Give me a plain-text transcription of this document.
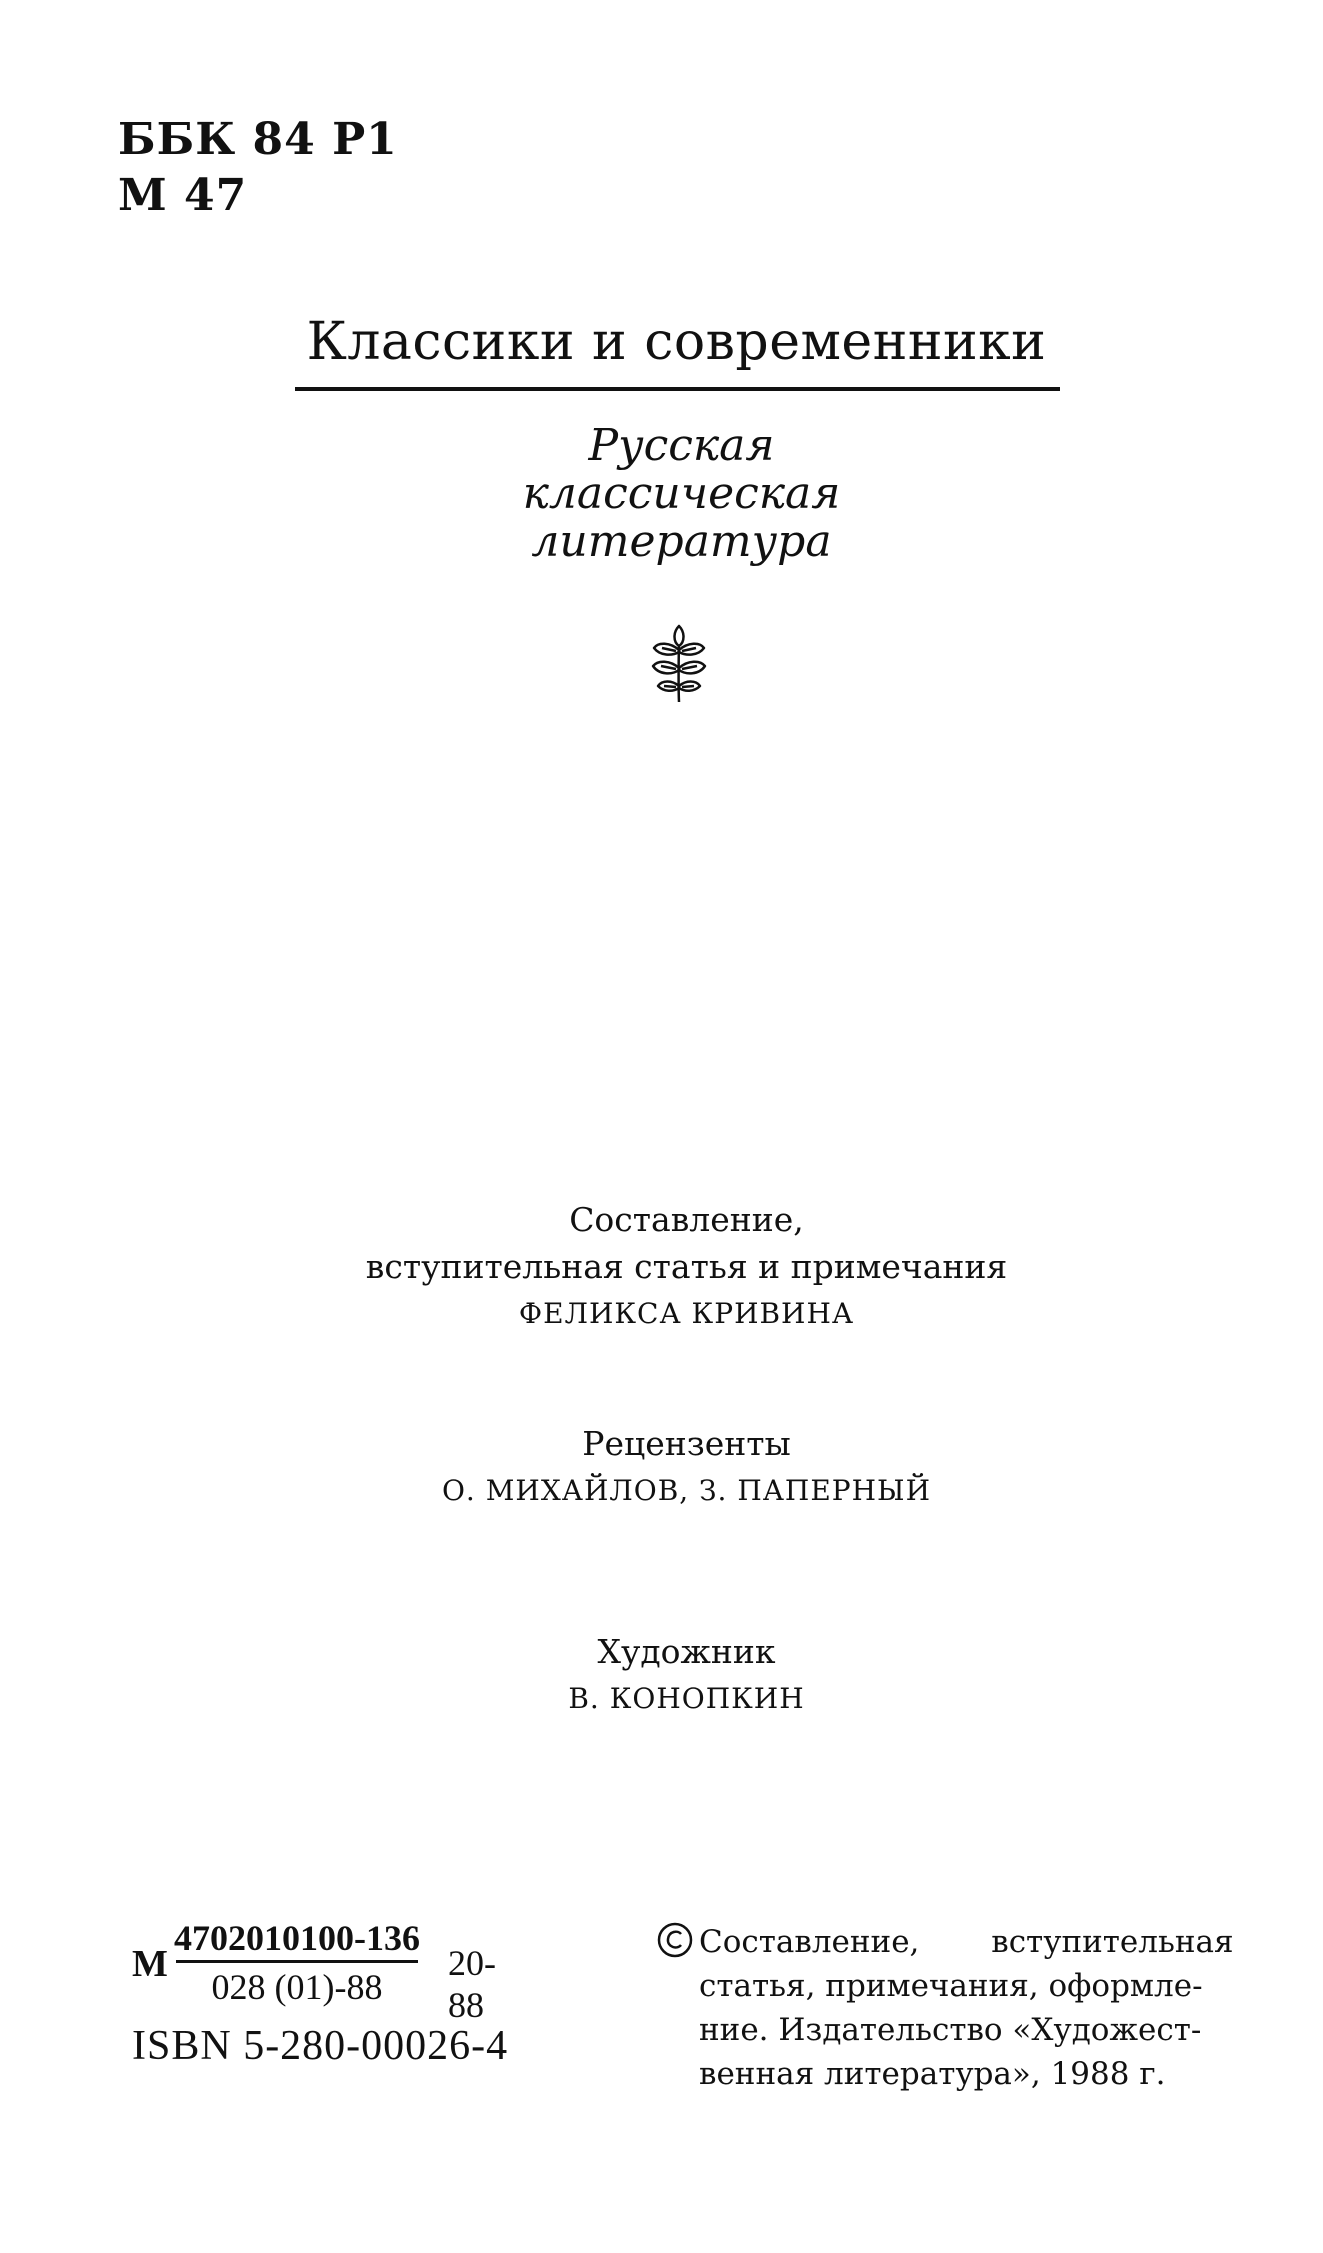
ББК 84 Р1
М 47
Классики и современники
Русская
классическая
литература
Составление,
вступительная статья и примечания
ФЕЛИКСА КРИВИНА
Рецензенты
О. МИХАЙЛОВ, З. ПАПЕРНЫЙ
Художник
В. КОНОПКИН
М
4702010100-136
028 (01)-88
20-88
ISBN 5-280-00026-4
Составление, вступительная
статья, примечания, оформле-
ние. Издательство «Художест-
венная литература», 1988 г.
